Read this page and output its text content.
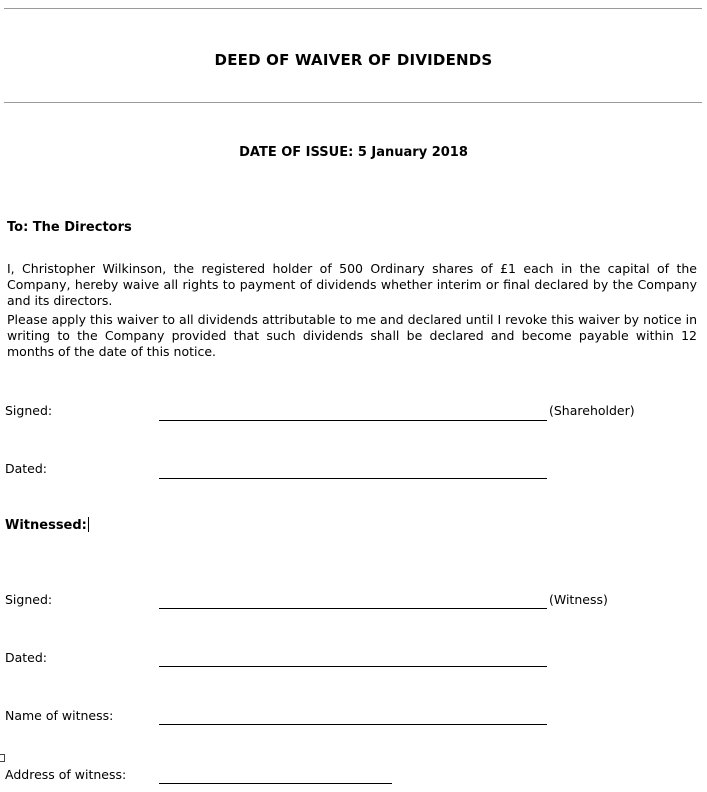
DEED OF WAIVER OF DIVIDENDS
DATE OF ISSUE: 5 January 2018
To: The Directors
I, Christopher Wilkinson, the registered holder of 500 Ordinary shares of £1 each in the capital of the Company, hereby waive all rights to payment of dividends whether interim or final declared by the Company and its directors.
Please apply this waiver to all dividends attributable to me and declared until I revoke this waiver by notice in writing to the Company provided that such dividends shall be declared and become payable within 12 months of the date of this notice.
Signed:	(Shareholder)
Dated:
Witnessed:
Signed:	(Witness)
Dated:
Name of witness:
Address of witness:
